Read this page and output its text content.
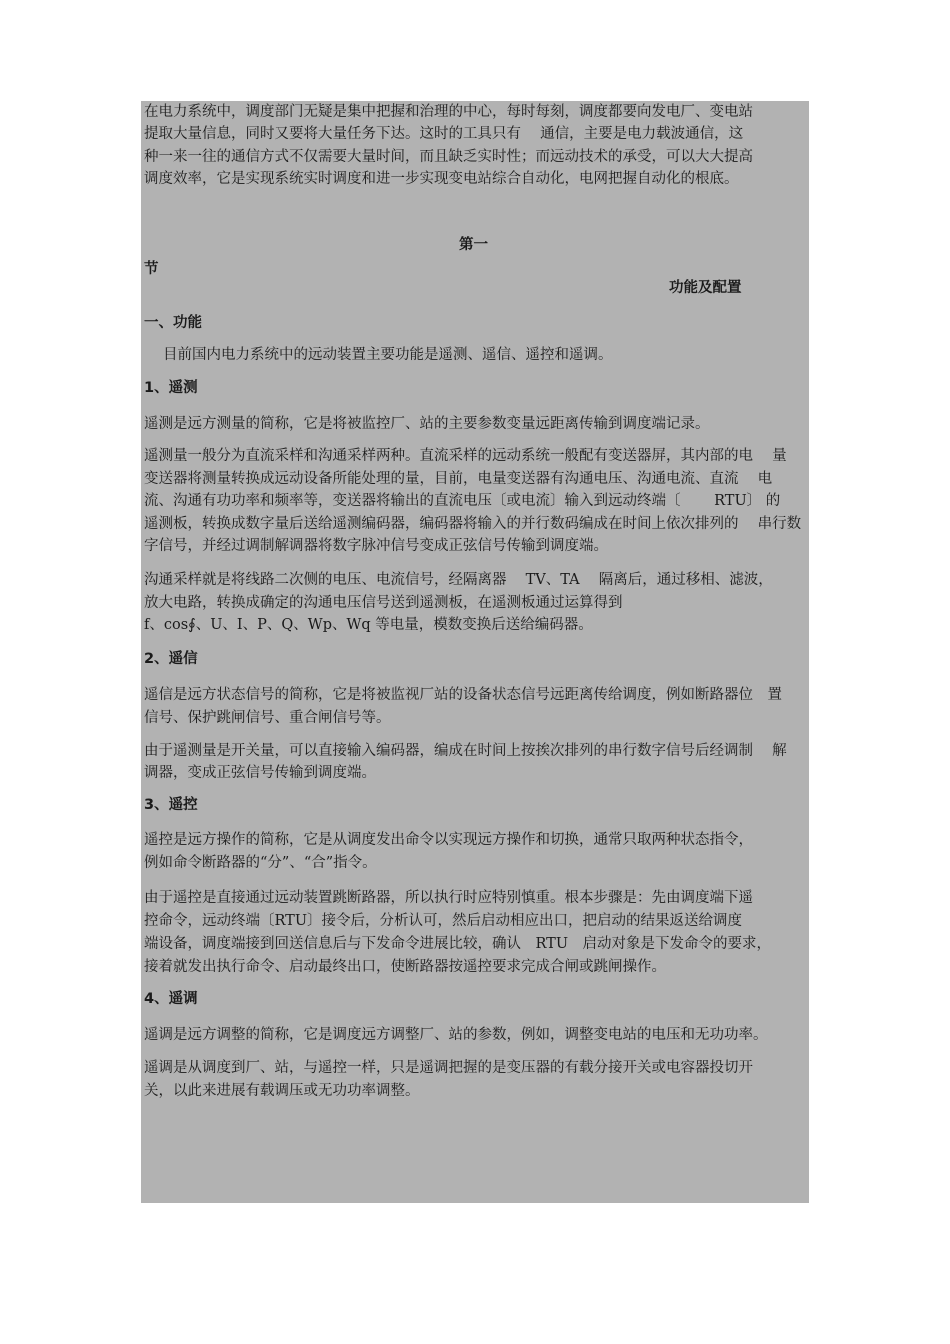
在电力系统中，调度部门无疑是集中把握和治理的中心，每时每刻，调度都要向发电厂、变电站
提取大量信息，同时又要将大量任务下达。这时的工具只有　 通信，主要是电力载波通信，这
种一来一往的通信方式不仅需要大量时间，而且缺乏实时性；而远动技术的承受，可以大大提高
调度效率，它是实现系统实时调度和进一步实现变电站综合自动化，电网把握自动化的根底。
第一
节
功能及配置
一、功能
目前国内电力系统中的远动装置主要功能是遥测、遥信、遥控和遥调。
1、遥测
遥测是远方测量的简称，它是将被监控厂、站的主要参数变量远距离传输到调度端记录。
遥测量一般分为直流采样和沟通采样两种。直流采样的远动系统一般配有变送器屏，其内部的电　 量
变送器将测量转换成远动设备所能处理的量，目前，电量变送器有沟通电压、沟通电流、直流　 电
流、沟通有功功率和频率等，变送器将输出的直流电压〔或电流〕输入到远动终端〔　　 RTU〕 的
遥测板，转换成数字量后送给遥测编码器，编码器将输入的并行数码编成在时间上依次排列的　 串行数
字信号，并经过调制解调器将数字脉冲信号变成正弦信号传输到调度端。
沟通采样就是将线路二次侧的电压、电流信号，经隔离器　 TV、TA　 隔离后，通过移相、滤波，
放大电路，转换成确定的沟通电压信号送到遥测板，在遥测板通过运算得到
f、cos∮、U、I、P、Q、Wp、Wq 等电量，模数变换后送给编码器。
2、遥信
遥信是远方状态信号的简称，它是将被监视厂站的设备状态信号远距离传给调度，例如断路器位　置
信号、保护跳闸信号、重合闸信号等。
由于遥测量是开关量，可以直接输入编码器，编成在时间上按挨次排列的串行数字信号后经调制　 解
调器，变成正弦信号传输到调度端。
3、遥控
遥控是远方操作的简称，它是从调度发出命令以实现远方操作和切换，通常只取两种状态指令，
例如命令断路器的“分”、“合”指令。
由于遥控是直接通过远动装置跳断路器，所以执行时应特别慎重。根本步骤是：先由调度端下遥
控命令，远动终端〔RTU〕接令后，分析认可，然后启动相应出口，把启动的结果返送给调度
端设备，调度端接到回送信息后与下发命令进展比较，确认　RTU　启动对象是下发命令的要求，
接着就发出执行命令、启动最终出口，使断路器按遥控要求完成合闸或跳闸操作。
4、遥调
遥调是远方调整的简称，它是调度远方调整厂、站的参数，例如，调整变电站的电压和无功功率。
遥调是从调度到厂、站，与遥控一样，只是遥调把握的是变压器的有载分接开关或电容器投切开
关，以此来进展有载调压或无功功率调整。
